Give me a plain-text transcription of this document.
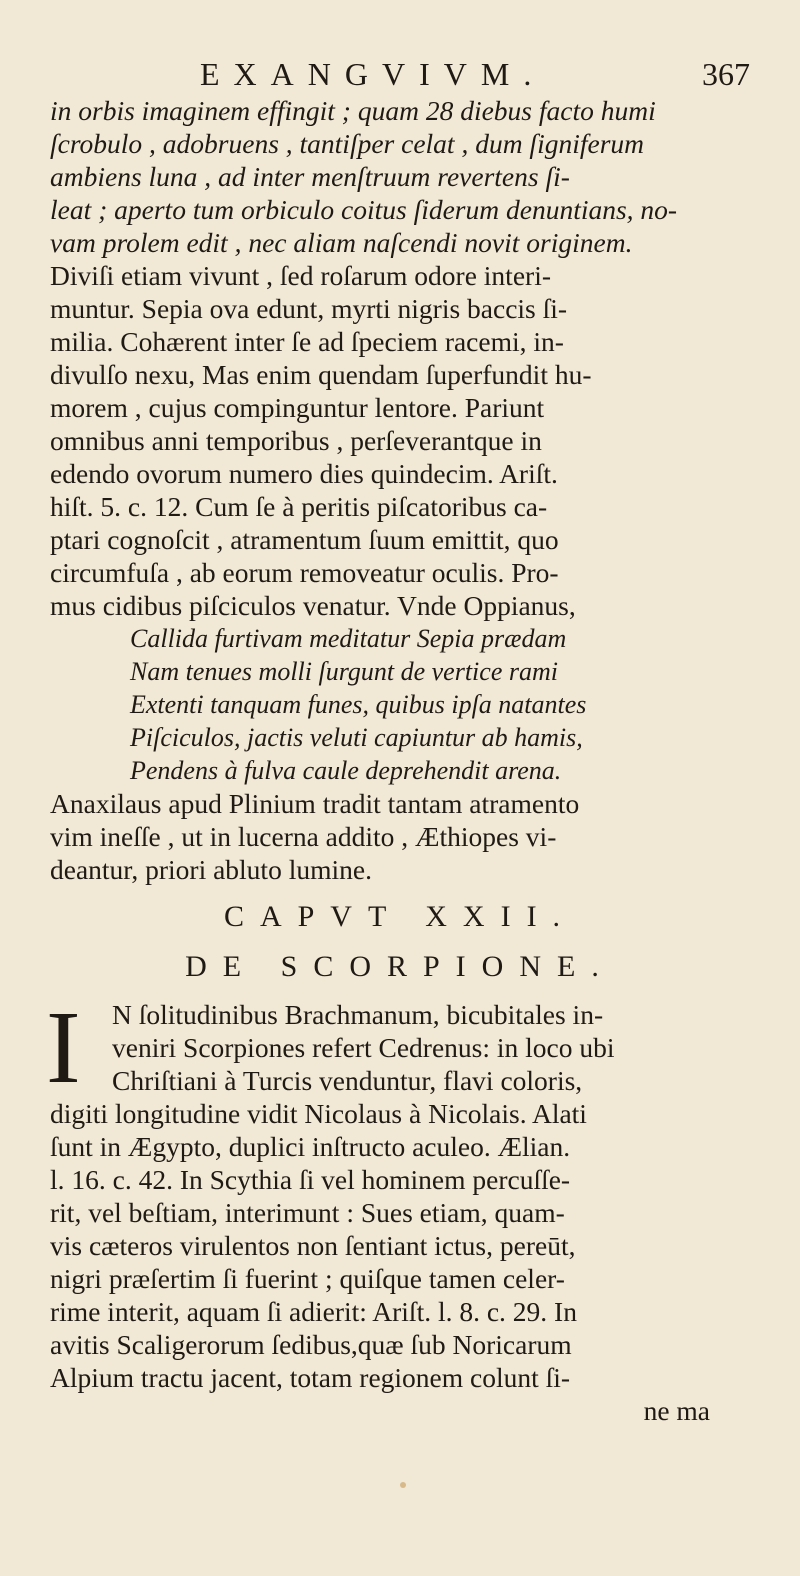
EXANGVIVM.	367
in orbis imaginem effingit ; quam 28 diebus facto humi
ſcrobulo , adobruens , tantiſper celat , dum ſigniferum
ambiens luna , ad inter menſtruum revertens ſi-
leat ; aperto tum orbiculo coitus ſiderum denuntians, no-
vam prolem edit , nec aliam naſcendi novit originem.
Diviſi etiam vivunt , ſed roſarum odore interi-
muntur. Sepia ova edunt, myrti nigris baccis ſi-
milia. Cohærent inter ſe ad ſpeciem racemi, in-
divulſo nexu, Mas enim quendam ſuperfundit hu-
morem , cujus compinguntur lentore. Pariunt
omnibus anni temporibus , perſeverantque in
edendo ovorum numero dies quindecim. Ariſt.
hiſt. 5. c. 12. Cum ſe à peritis piſcatoribus ca-
ptari cognoſcit , atramentum ſuum emittit, quo
circumfuſa , ab eorum removeatur oculis. Pro-
mus cidibus piſciculos venatur. Vnde Oppianus,
Callida furtivam meditatur Sepia prædam
Nam tenues molli ſurgunt de vertice rami
Extenti tanquam funes, quibus ipſa natantes
Piſciculos, jactis veluti capiuntur ab hamis,
Pendens à fulva caule deprehendit arena.
Anaxilaus apud Plinium tradit tantam atramento
vim ineſſe , ut in lucerna addito , Æthiopes vi-
deantur, priori abluto lumine.
CAPVT XXII.
DE SCORPIONE.
I N ſolitudinibus Brachmanum, bicubitales in-
veniri Scorpiones refert Cedrenus: in loco ubi
Chriſtiani à Turcis venduntur, flavi coloris,
digiti longitudine vidit Nicolaus à Nicolais. Alati
ſunt in Ægypto, duplici inſtructo aculeo. Ælian.
l. 16. c. 42. In Scythia ſi vel hominem percuſſe-
rit, vel beſtiam, interimunt : Sues etiam, quam-
vis cæteros virulentos non ſentiant ictus, pereūt,
nigri præſertim ſi fuerint ; quiſque tamen celer-
rime interit, aquam ſi adierit: Ariſt. l. 8. c. 29. In
avitis Scaligerorum ſedibus,quæ ſub Noricarum
Alpium tractu jacent, totam regionem colunt ſi-
ne ma
